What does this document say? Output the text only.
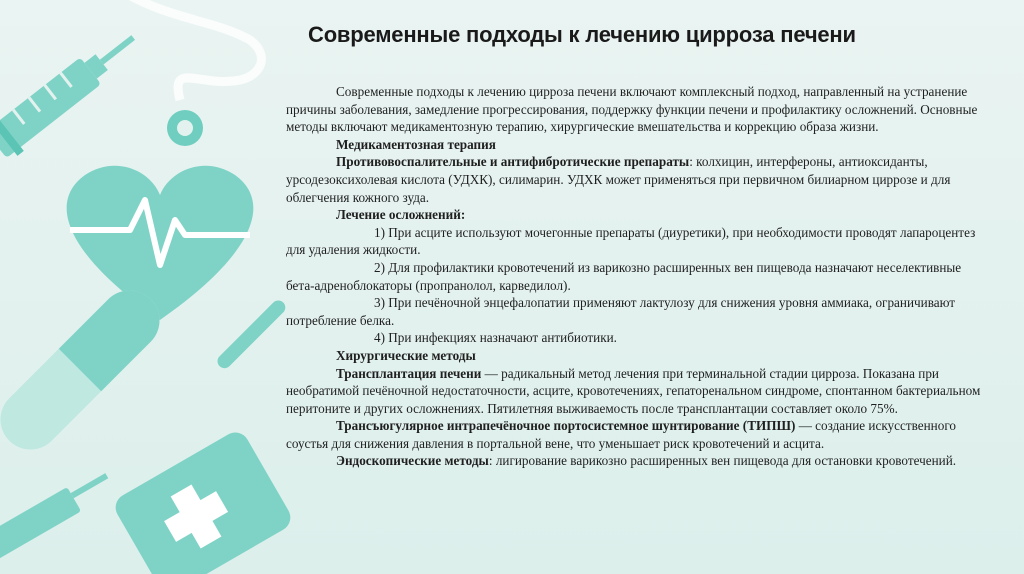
Современные подходы к лечению цирроза печени

Современные подходы к лечению цирроза печени включают комплексный подход, направленный на устранение причины заболевания, замедление прогрессирования, поддержку функции печени и профилактику осложнений. Основные методы включают медикаментозную терапию, хирургические вмешательства и коррекцию образа жизни.

Медикаментозная терапия

Противовоспалительные и антифибротические препараты: колхицин, интерфероны, антиоксиданты, урсодезоксихолевая кислота (УДХК), силимарин. УДХК может применяться при первичном билиарном циррозе и для облегчения кожного зуда.

Лечение осложнений:

1) При асците используют мочегонные препараты (диуретики), при необходимости проводят лапароцентез для удаления жидкости.

2) Для профилактики кровотечений из варикозно расширенных вен пищевода назначают неселективные бета-адреноблокаторы (пропранолол, карведилол).

3) При печёночной энцефалопатии применяют лактулозу для снижения уровня аммиака, ограничивают потребление белка.

4) При инфекциях назначают антибиотики.

Хирургические методы

Трансплантация печени — радикальный метод лечения при терминальной стадии цирроза. Показана при необратимой печёночной недостаточности, асците, кровотечениях, гепаторенальном синдроме, спонтанном бактериальном перитоните и других осложнениях. Пятилетняя выживаемость после трансплантации составляет около 75%.

Трансъюгулярное интрапечёночное портосистемное шунтирование (ТИПШ) — создание искусственного соустья для снижения давления в портальной вене, что уменьшает риск кровотечений и асцита.

Эндоскопические методы: лигирование варикозно расширенных вен пищевода для остановки кровотечений.
